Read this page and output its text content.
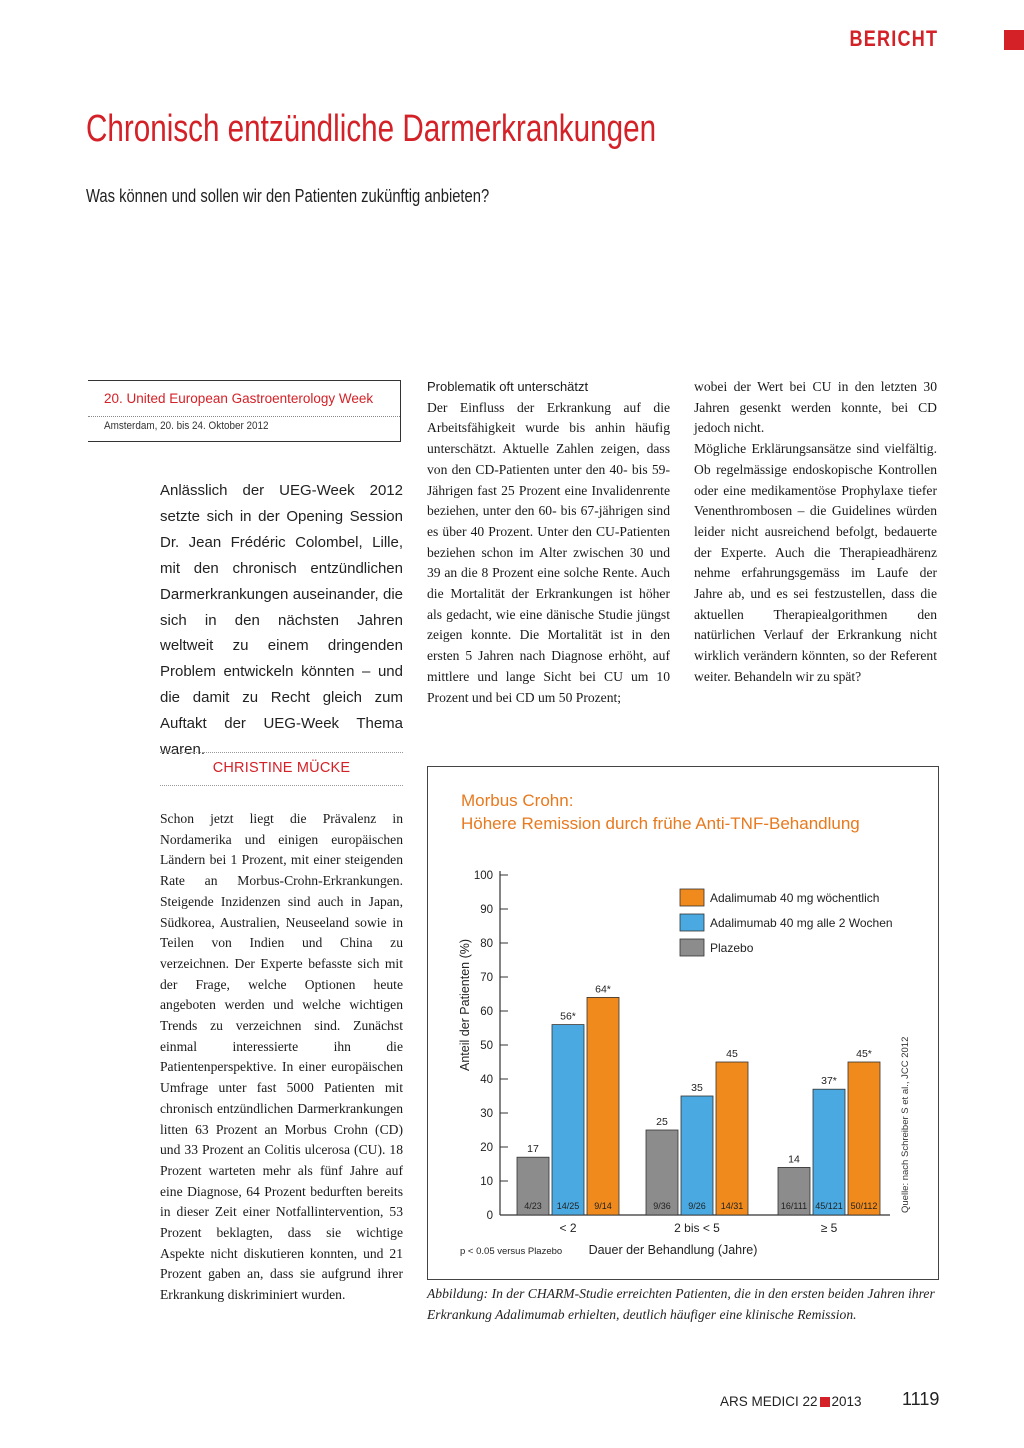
BERICHT
Chronisch entzündliche Darmerkrankungen
Was können und sollen wir den Patienten zukünftig anbieten?
20. United European Gastroenterology Week
Amsterdam, 20. bis 24. Oktober 2012
Anlässlich der UEG-Week 2012 setzte sich in der Opening Session Dr. Jean Frédéric Colombel, Lille, mit den chronisch entzündlichen Darmerkrankungen auseinander, die sich in den nächsten Jahren weltweit zu einem dringenden Problem entwickeln könnten – und die damit zu Recht gleich zum Auftakt der UEG-Week Thema waren.
CHRISTINE MÜCKE
Schon jetzt liegt die Prävalenz in Nordamerika und einigen europäischen Ländern bei 1 Prozent, mit einer steigenden Rate an Morbus-Crohn-Erkrankungen. Steigende Inzidenzen sind auch in Japan, Südkorea, Australien, Neuseeland sowie in Teilen von Indien und China zu verzeichnen. Der Experte befasste sich mit der Frage, welche Optionen heute angeboten werden und welche wichtigen Trends zu verzeichnen sind. Zunächst einmal interessierte ihn die Patientenperspektive. In einer europäischen Umfrage unter fast 5000 Patienten mit chronisch entzündlichen Darmerkrankungen litten 63 Prozent an Morbus Crohn (CD) und 33 Prozent an Colitis ulcerosa (CU). 18 Prozent warteten mehr als fünf Jahre auf eine Diagnose, 64 Prozent bedurften bereits in dieser Zeit einer Notfallintervention, 53 Prozent beklagten, dass sie wichtige Aspekte nicht diskutieren konnten, und 21 Prozent gaben an, dass sie aufgrund ihrer Erkrankung diskriminiert wurden.
Problematik oft unterschätzt
Der Einfluss der Erkrankung auf die Arbeitsfähigkeit wurde bis anhin häufig unterschätzt. Aktuelle Zahlen zeigen, dass von den CD-Patienten unter den 40- bis 59-Jährigen fast 25 Prozent eine Invalidenrente beziehen, unter den 60- bis 67-jährigen sind es über 40 Prozent. Unter den CU-Patienten beziehen schon im Alter zwischen 30 und 39 an die 8 Prozent eine solche Rente. Auch die Mortalität der Erkrankungen ist höher als gedacht, wie eine dänische Studie jüngst zeigen konnte. Die Mortalität ist in den ersten 5 Jahren nach Diagnose erhöht, auf mittlere und lange Sicht bei CU um 10 Prozent und bei CD um 50 Prozent;
wobei der Wert bei CU in den letzten 30 Jahren gesenkt werden konnte, bei CD jedoch nicht.
Mögliche Erklärungsansätze sind vielfältig. Ob regelmässige endoskopische Kontrollen oder eine medikamentöse Prophylaxe tiefer Venenthrombosen – die Guidelines würden leider nicht ausreichend befolgt, bedauerte der Experte. Auch die Therapieadhärenz nehme erfahrungsgemäss im Laufe der Jahre ab, und es sei festzustellen, dass die aktuellen Therapiealgorithmen den natürlichen Verlauf der Erkrankung nicht wirklich verändern könnten, so der Referent weiter. Behandeln wir zu spät?
Morbus Crohn:
Höhere Remission durch frühe Anti-TNF-Behandlung
0
10
20
30
40
50
60
70
80
90
100
Anteil der Patienten (%)
17
4/23
56*
14/25
64*
9/14
< 2
25
9/36
35
9/26
45
14/31
2 bis < 5
14
16/111
37*
45/121
45*
50/112
≥ 5
Dauer der Behandlung (Jahre)
p < 0.05 versus Plazebo
Adalimumab 40 mg wöchentlich
Adalimumab 40 mg alle 2 Wochen
Plazebo
Quelle: nach Schreiber S et al., JCC 2012
Abbildung: In der CHARM-Studie erreichten Patienten, die in den ersten beiden Jahren ihrer Erkrankung Adalimumab erhielten, deutlich häufiger eine klinische Remission.
ARS MEDICI 22 2013 1119
